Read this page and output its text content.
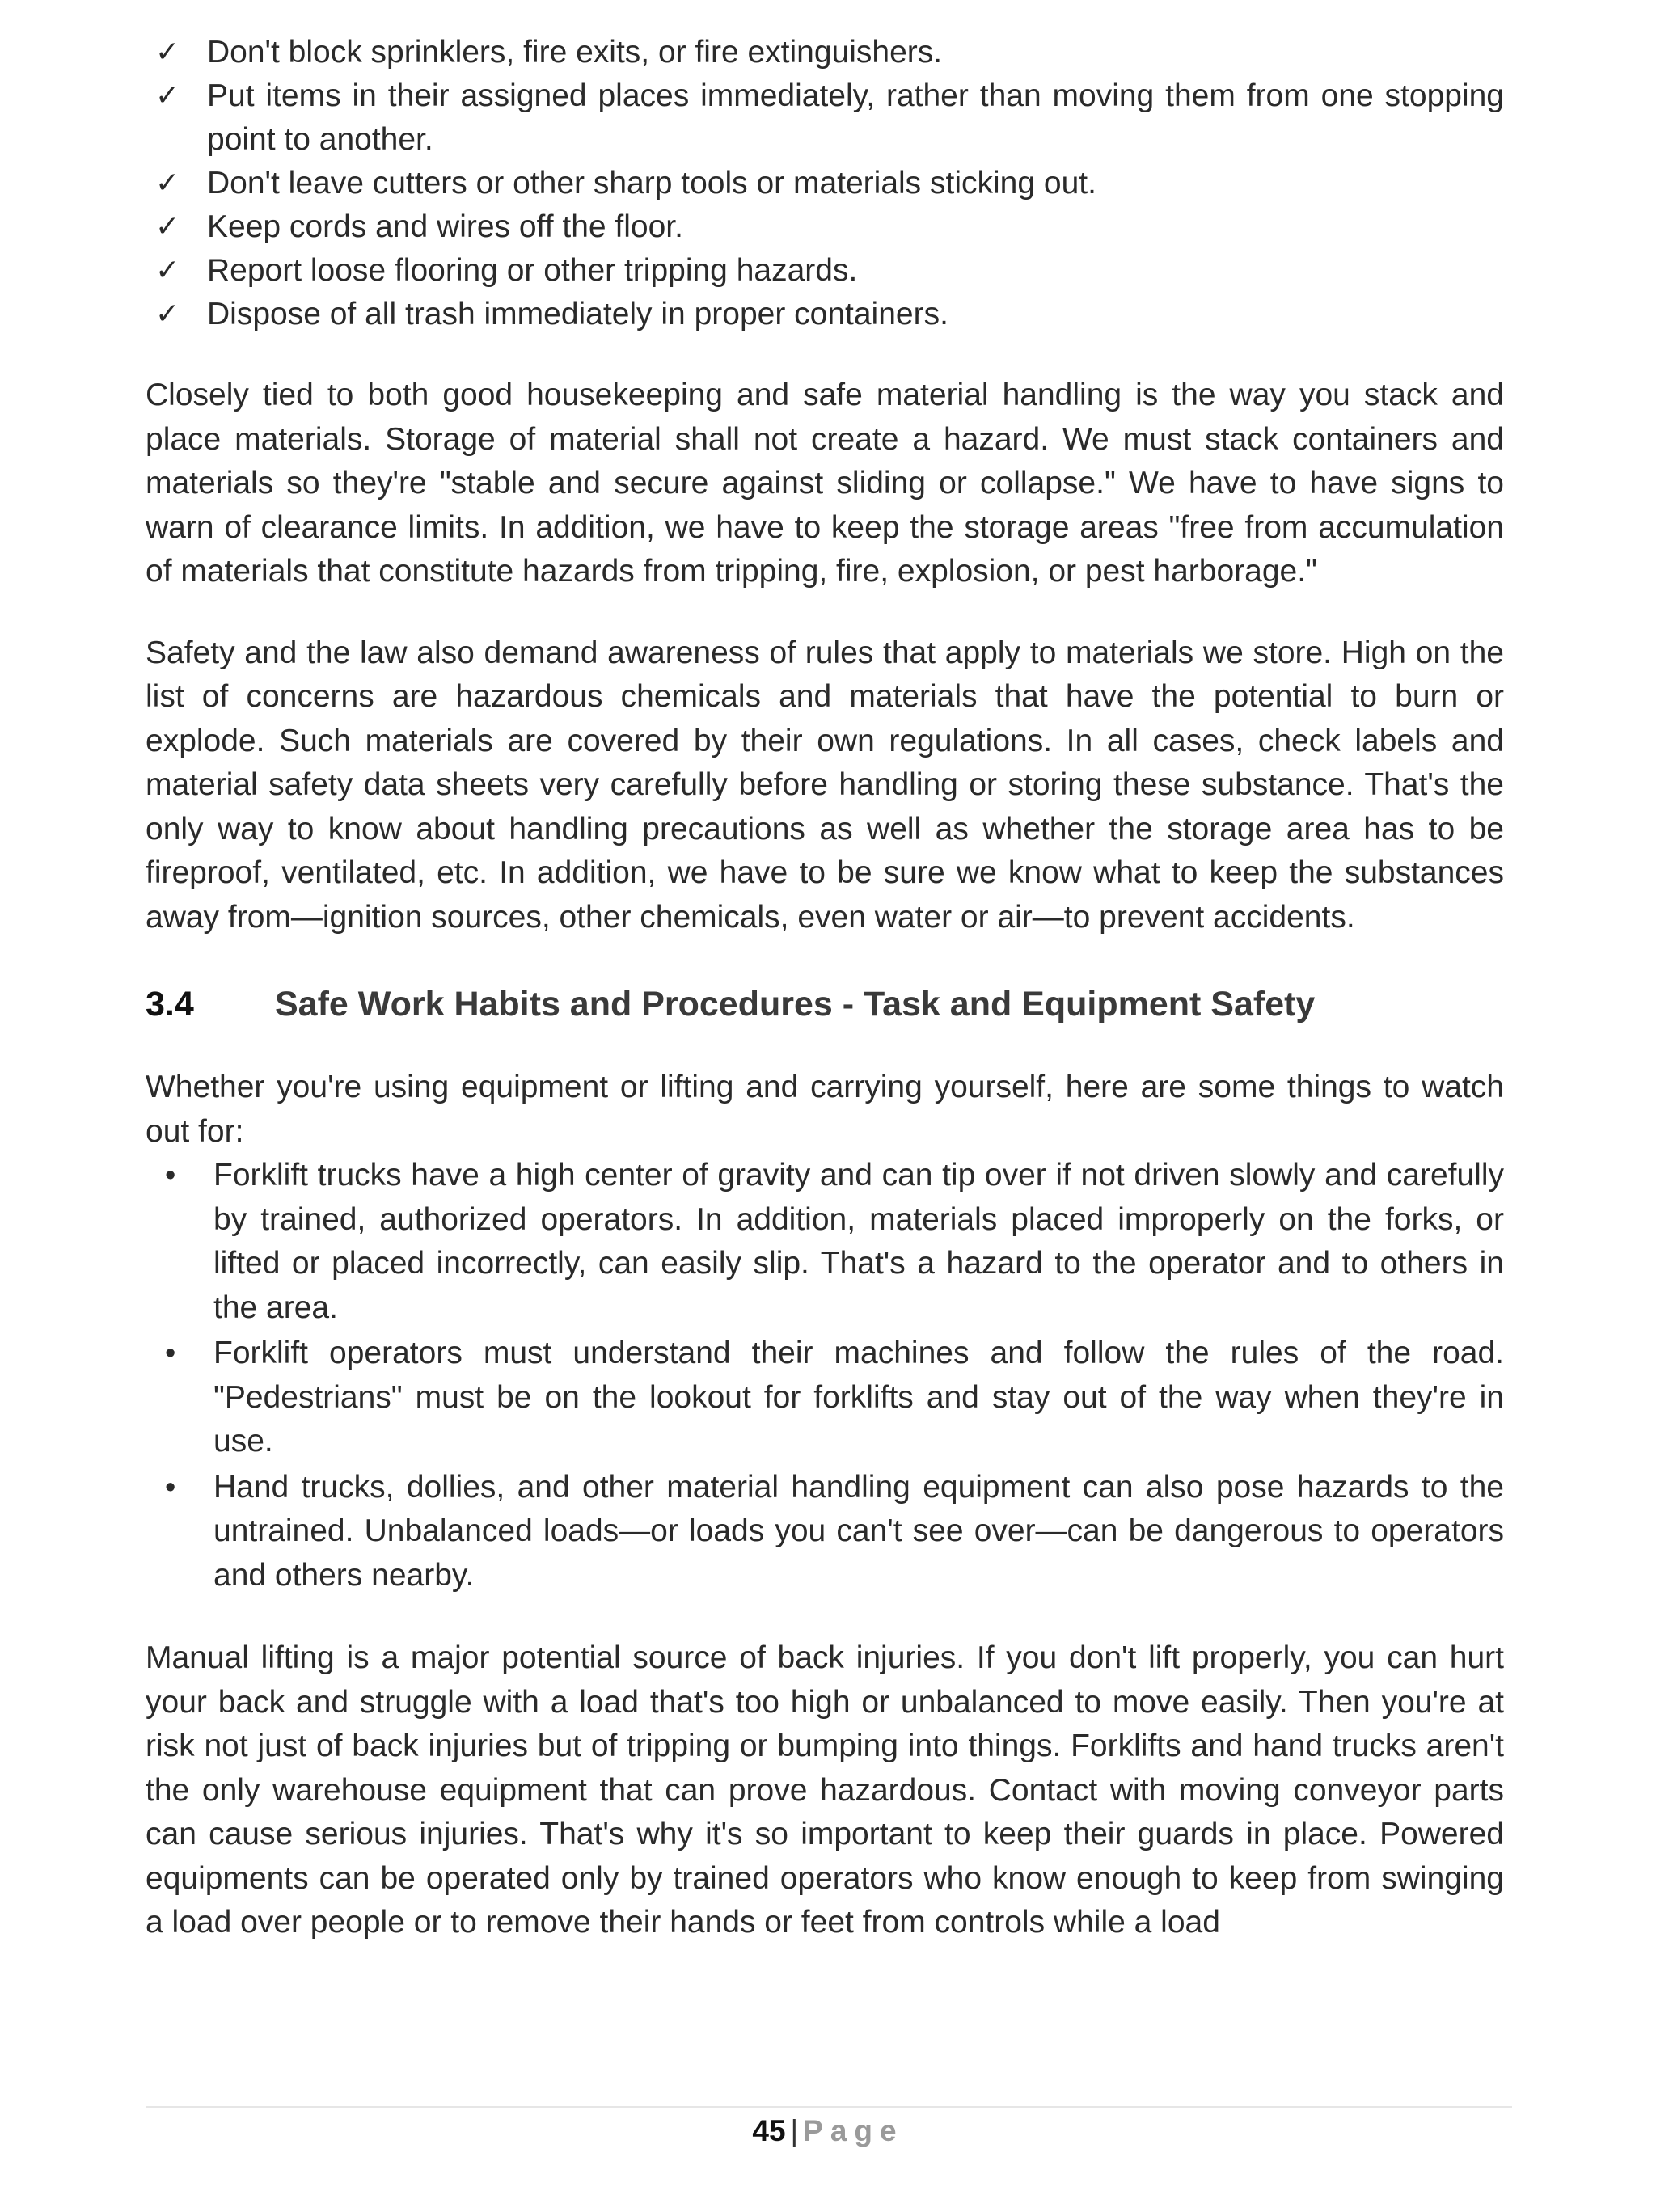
✓ Don't block sprinklers, fire exits, or fire extinguishers.
✓ Put items in their assigned places immediately, rather than moving them from one stopping point to another.
✓ Don't leave cutters or other sharp tools or materials sticking out.
✓ Keep cords and wires off the floor.
✓ Report loose flooring or other tripping hazards.
✓ Dispose of all trash immediately in proper containers.

Closely tied to both good housekeeping and safe material handling is the way you stack and place materials. Storage of material shall not create a hazard. We must stack containers and materials so they're "stable and secure against sliding or collapse." We have to have signs to warn of clearance limits. In addition, we have to keep the storage areas "free from accumulation of materials that constitute hazards from tripping, fire, explosion, or pest harborage."

Safety and the law also demand awareness of rules that apply to materials we store. High on the list of concerns are hazardous chemicals and materials that have the potential to burn or explode. Such materials are covered by their own regulations. In all cases, check labels and material safety data sheets very carefully before handling or storing these substance. That's the only way to know about handling precautions as well as whether the storage area has to be fireproof, ventilated, etc. In addition, we have to be sure we know what to keep the substances away from—ignition sources, other chemicals, even water or air—to prevent accidents.

3.4	Safe Work Habits and Procedures - Task and Equipment Safety

Whether you're using equipment or lifting and carrying yourself, here are some things to watch out for:

• Forklift trucks have a high center of gravity and can tip over if not driven slowly and carefully by trained, authorized operators. In addition, materials placed improperly on the forks, or lifted or placed incorrectly, can easily slip. That's a hazard to the operator and to others in the area.
• Forklift operators must understand their machines and follow the rules of the road. "Pedestrians" must be on the lookout for forklifts and stay out of the way when they're in use.
• Hand trucks, dollies, and other material handling equipment can also pose hazards to the untrained. Unbalanced loads—or loads you can't see over—can be dangerous to operators and others nearby.

Manual lifting is a major potential source of back injuries. If you don't lift properly, you can hurt your back and struggle with a load that's too high or unbalanced to move easily. Then you're at risk not just of back injuries but of tripping or bumping into things. Forklifts and hand trucks aren't the only warehouse equipment that can prove hazardous. Contact with moving conveyor parts can cause serious injuries. That's why it's so important to keep their guards in place. Powered equipments can be operated only by trained operators who know enough to keep from swinging a load over people or to remove their hands or feet from controls while a load

45 | Page
